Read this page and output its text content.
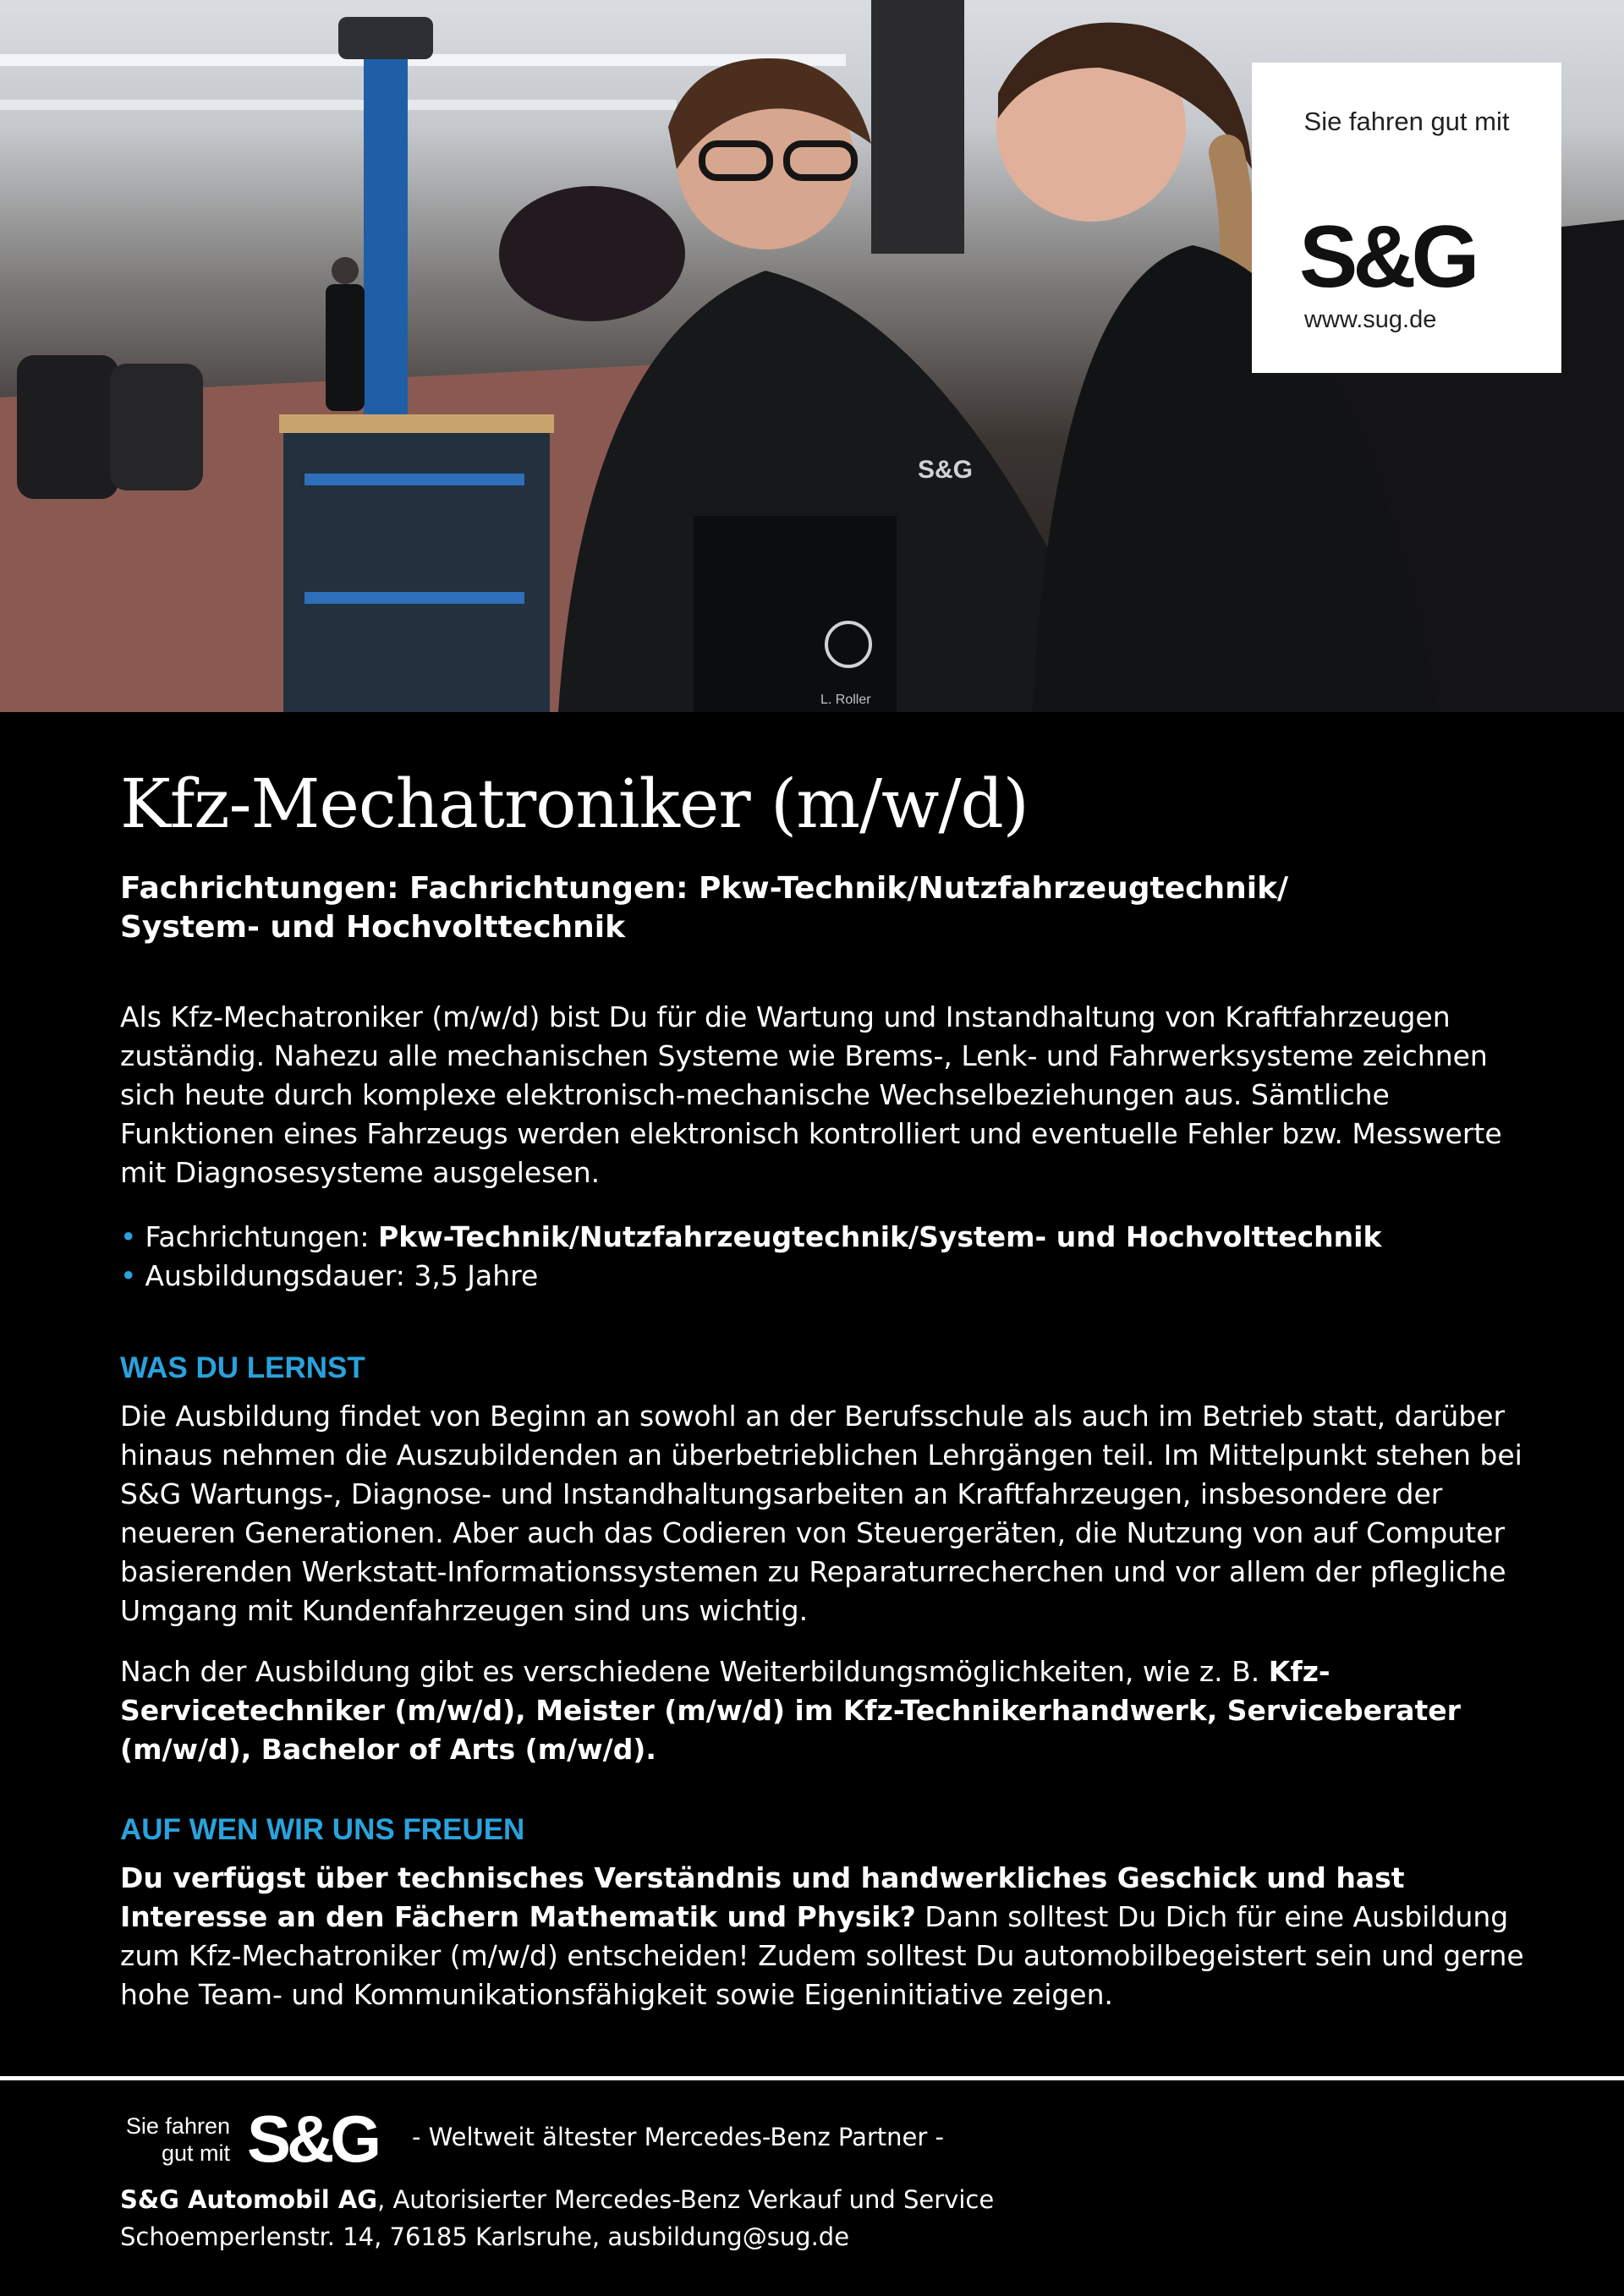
L. Roller
S&G
Sie fahren gut mit
S&G
www.sug.de
Kfz-Mechatroniker (m/w/d)
Fachrichtungen: Fachrichtungen: Pkw-Technik/Nutzfahrzeugtechnik/
System- und Hochvolttechnik

Als Kfz-Mechatroniker (m/w/d) bist Du für die Wartung und Instandhaltung von Kraftfahrzeugen zuständig. Nahezu alle mechanischen Systeme wie Brems-, Lenk- und Fahrwerksysteme zeichnen sich heute durch komplexe elektronisch-mechanische Wechselbeziehungen aus. Sämtliche Funktionen eines Fahrzeugs werden elektronisch kontrolliert und eventuelle Fehler bzw. Messwerte mit Diagnosesysteme ausgelesen.

• Fachrichtungen: Pkw-Technik/Nutzfahrzeugtechnik/System- und Hochvolttechnik
• Ausbildungsdauer: 3,5 Jahre
WAS DU LERNST

Die Ausbildung findet von Beginn an sowohl an der Berufsschule als auch im Betrieb statt, darüber hinaus nehmen die Auszubildenden an überbetrieblichen Lehrgängen teil. Im Mittelpunkt stehen bei S&G Wartungs-, Diagnose- und Instandhaltungsarbeiten an Kraftfahrzeugen, insbesondere der neueren Generationen. Aber auch das Codieren von Steuergeräten, die Nutzung von auf Computer basierenden Werkstatt-Informationssystemen zu Reparaturrecherchen und vor allem der pflegliche Umgang mit Kundenfahrzeugen sind uns wichtig.

Nach der Ausbildung gibt es verschiedene Weiterbildungsmöglichkeiten, wie z. B. Kfz-Servicetechniker (m/w/d), Meister (m/w/d) im Kfz-Technikerhandwerk, Serviceberater (m/w/d), Bachelor of Arts (m/w/d).

AUF WEN WIR UNS FREUEN

Du verfügst über technisches Verständnis und handwerkliches Geschick und hast Interesse an den Fächern Mathematik und Physik? Dann solltest Du Dich für eine Ausbildung zum Kfz-Mechatroniker (m/w/d) entscheiden! Zudem solltest Du automobilbegeistert sein und gerne hohe Team- und Kommunikationsfähigkeit sowie Eigeninitiative zeigen.

Sie fahren
gut mit S&G - Weltweit ältester Mercedes-Benz Partner -
S&G Automobil AG, Autorisierter Mercedes-Benz Verkauf und Service
Schoemperlenstr. 14, 76185 Karlsruhe, ausbildung@sug.de
